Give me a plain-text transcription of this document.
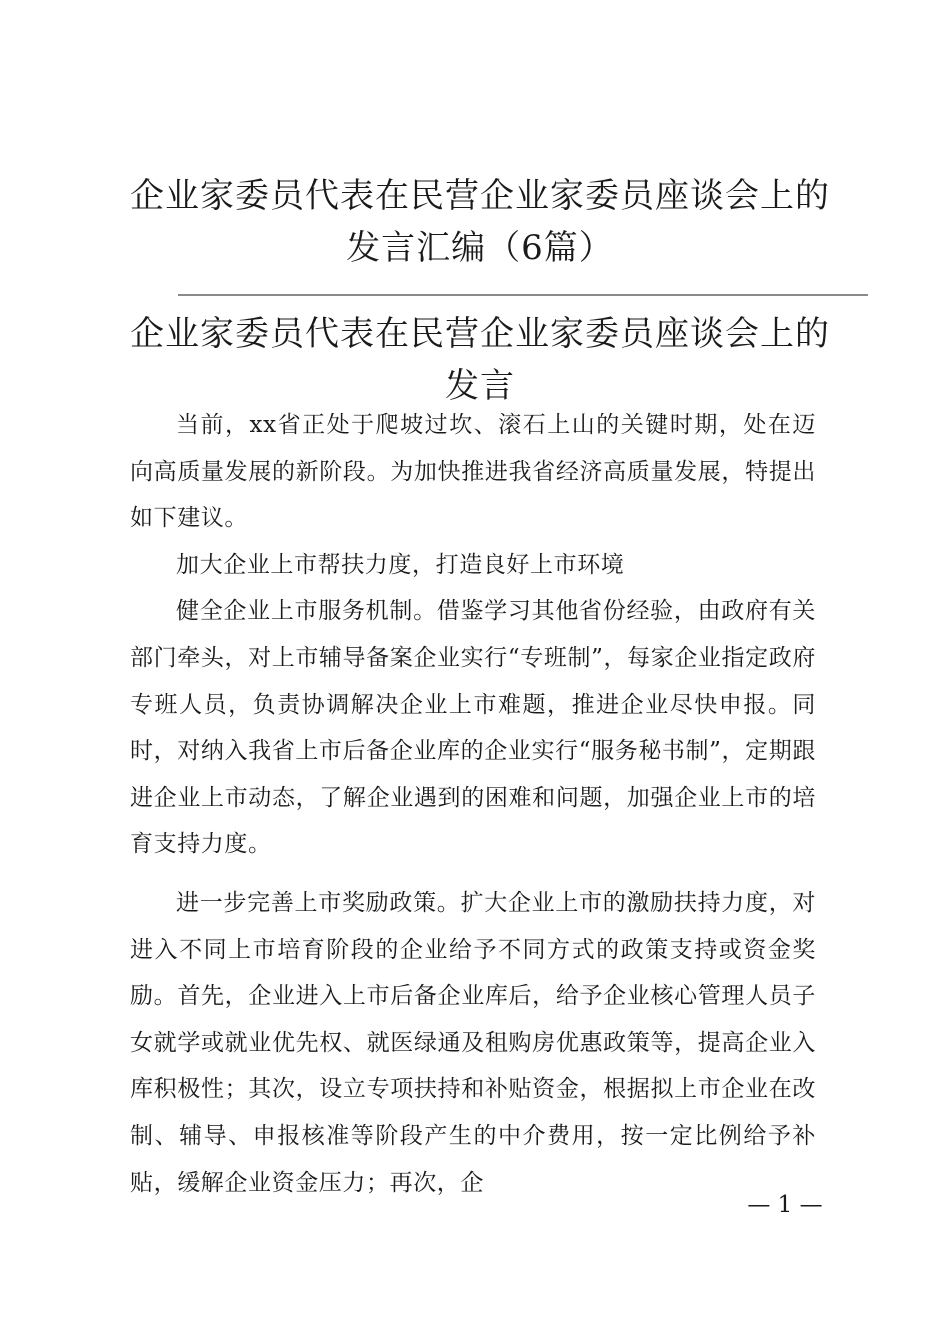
企业家委员代表在民营企业家委员座谈会上的
发言汇编（6篇）
企业家委员代表在民营企业家委员座谈会上的
发言

当前，xx省正处于爬坡过坎、滚石上山的关键时期，处在迈向高质量发展的新阶段。为加快推进我省经济高质量发展，特提出如下建议。

加大企业上市帮扶力度，打造良好上市环境

健全企业上市服务机制。借鉴学习其他省份经验，由政府有关部门牵头，对上市辅导备案企业实行“专班制”，每家企业指定政府专班人员，负责协调解决企业上市难题，推进企业尽快申报。同时，对纳入我省上市后备企业库的企业实行“服务秘书制”，定期跟进企业上市动态，了解企业遇到的困难和问题，加强企业上市的培育支持力度。

进一步完善上市奖励政策。扩大企业上市的激励扶持力度，对进入不同上市培育阶段的企业给予不同方式的政策支持或资金奖励。首先，企业进入上市后备企业库后，给予企业核心管理人员子女就学或就业优先权、就医绿通及租购房优惠政策等，提高企业入库积极性；其次，设立专项扶持和补贴资金，根据拟上市企业在改制、辅导、申报核准等阶段产生的中介费用，按一定比例给予补贴，缓解企业资金压力；再次，企

— 1 —
